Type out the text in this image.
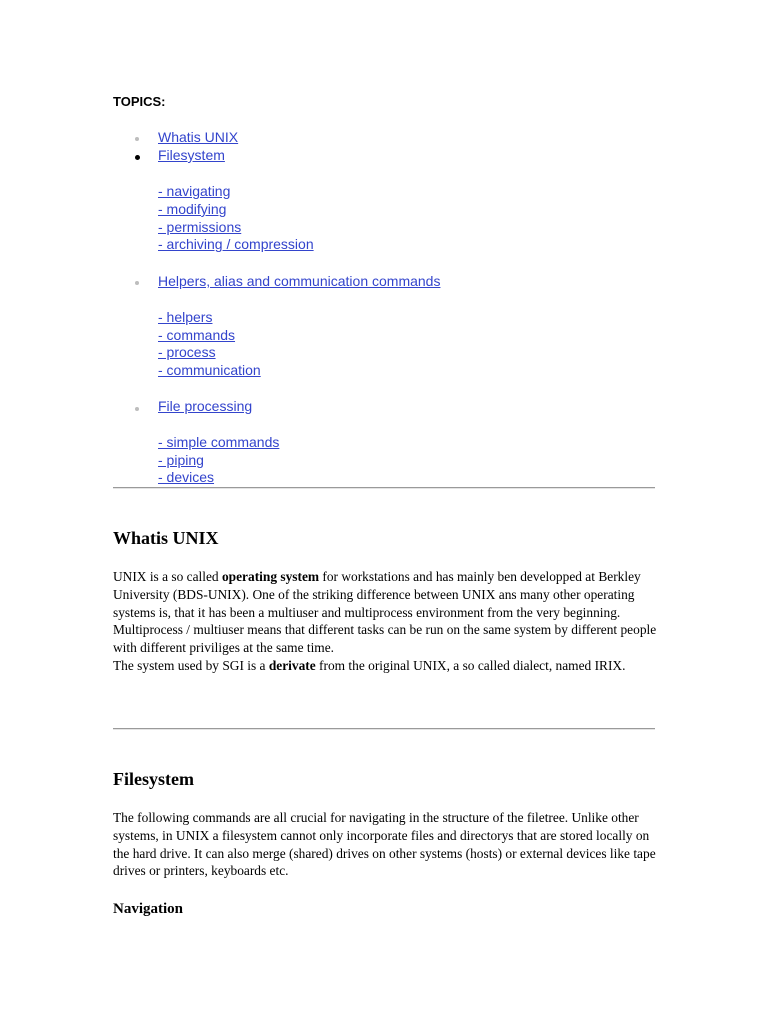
TOPICS:

Whatis UNIX
Filesystem
- navigating
- modifying
- permissions
- archiving / compression
Helpers, alias and communication commands
- helpers
- commands
- process
- communication
File processing
- simple commands
- piping
- devices
Whatis UNIX

UNIX is a so called operating system for workstations and has mainly ben developped at Berkley University (BDS-UNIX). One of the striking difference between UNIX ans many other operating systems is, that it has been a multiuser and multiprocess environment from the very beginning. Multiprocess / multiuser means that different tasks can be run on the same system by different people with different priviliges at the same time.
The system used by SGI is a derivate from the original UNIX, a so called dialect, named IRIX.

Filesystem

The following commands are all crucial for navigating in the structure of the filetree. Unlike other systems, in UNIX a filesystem cannot only incorporate files and directorys that are stored locally on the hard drive. It can also merge (shared) drives on other systems (hosts) or external devices like tape drives or printers, keyboards etc.

Navigation
